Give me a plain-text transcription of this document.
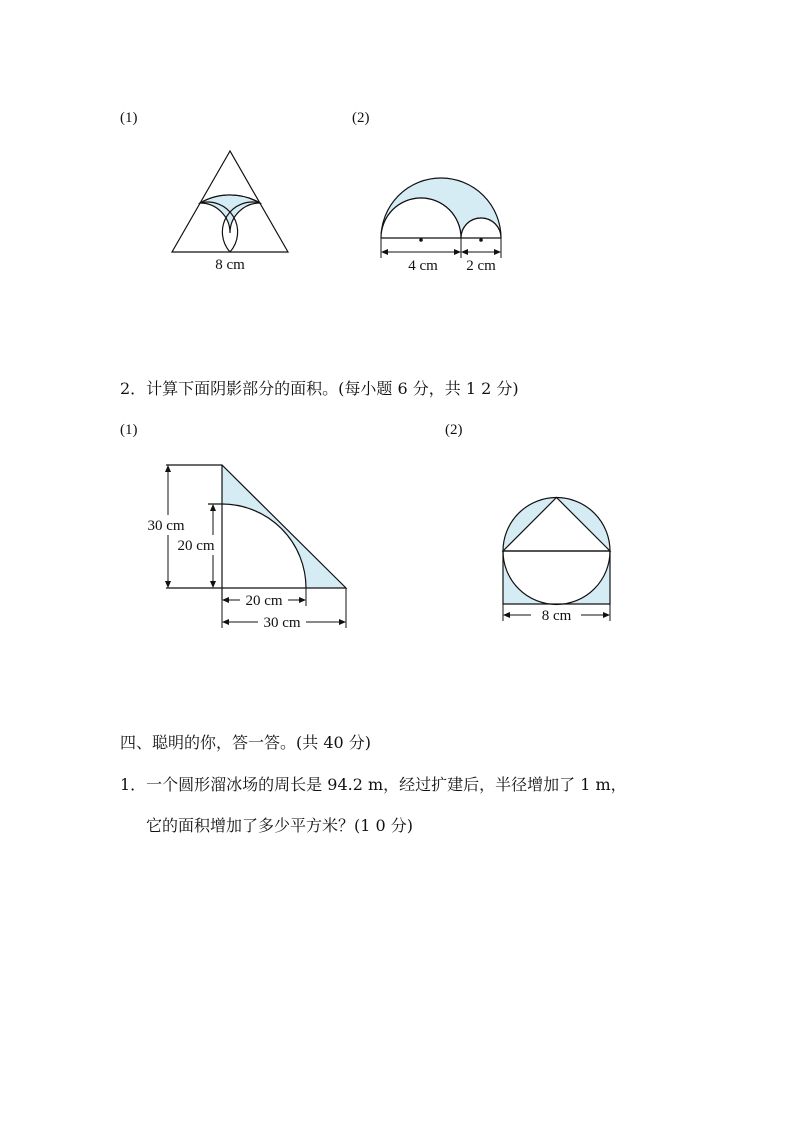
(1)	(2)
8 cm	4 cm 2 cm
30 cm
20 cm
20 cm
30 cm	8 cm
2．计算下面阴影部分的面积。(每小题 6 分，共 1 2 分)
(1)	(2)
四、聪明的你，答一答。(共 40 分)
1．一个圆形溜冰场的周长是 94.2 m，经过扩建后，半径增加了 1 m，
它的面积增加了多少平方米？(1 0 分)
